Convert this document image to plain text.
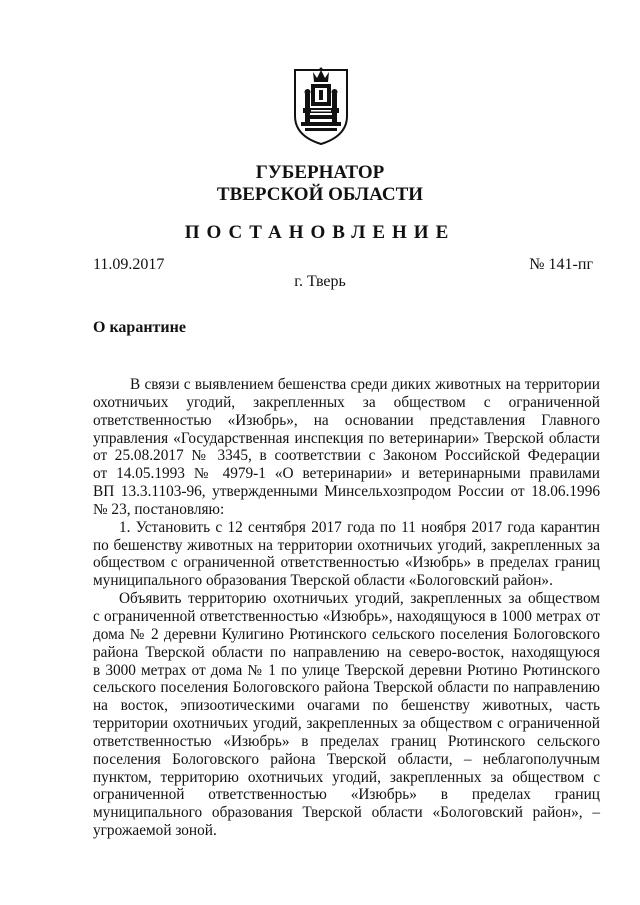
ГУБЕРНАТОР
ТВЕРСКОЙ ОБЛАСТИ
ПОСТАНОВЛЕНИЕ
11.09.2017	№ 141-пг
г. Тверь
О карантине
В связи с выявлением бешенства среди диких животных на территории
охотничьих угодий, закрепленных за обществом с ограниченной
ответственностью «Изюбрь», на основании представления Главного
управления «Государственная инспекция по ветеринарии» Тверской области
от 25.08.2017 № 3345, в соответствии с Законом Российской Федерации
от 14.05.1993 № 4979-1 «О ветеринарии» и ветеринарными правилами
ВП 13.3.1103-96, утвержденными Минсельхозпродом России от 18.06.1996
№ 23, постановляю:
1. Установить с 12 сентября 2017 года по 11 ноября 2017 года карантин
по бешенству животных на территории охотничьих угодий, закрепленных за
обществом с ограниченной ответственностью «Изюбрь» в пределах границ
муниципального образования Тверской области «Бологовский район».
Объявить территорию охотничьих угодий, закрепленных за обществом
с ограниченной ответственностью «Изюбрь», находящуюся в 1000 метрах от
дома № 2 деревни Кулигино Рютинского сельского поселения Бологовского
района Тверской области по направлению на северо-восток, находящуюся
в 3000 метрах от дома № 1 по улице Тверской деревни Рютино Рютинского
сельского поселения Бологовского района Тверской области по направлению
на восток, эпизоотическими очагами по бешенству животных, часть
территории охотничьих угодий, закрепленных за обществом с ограниченной
ответственностью «Изюбрь» в пределах границ Рютинского сельского
поселения Бологовского района Тверской области, – неблагополучным
пунктом, территорию охотничьих угодий, закрепленных за обществом с
ограниченной ответственностью «Изюбрь» в пределах границ
муниципального образования Тверской области «Бологовский район», –
угрожаемой зоной.
